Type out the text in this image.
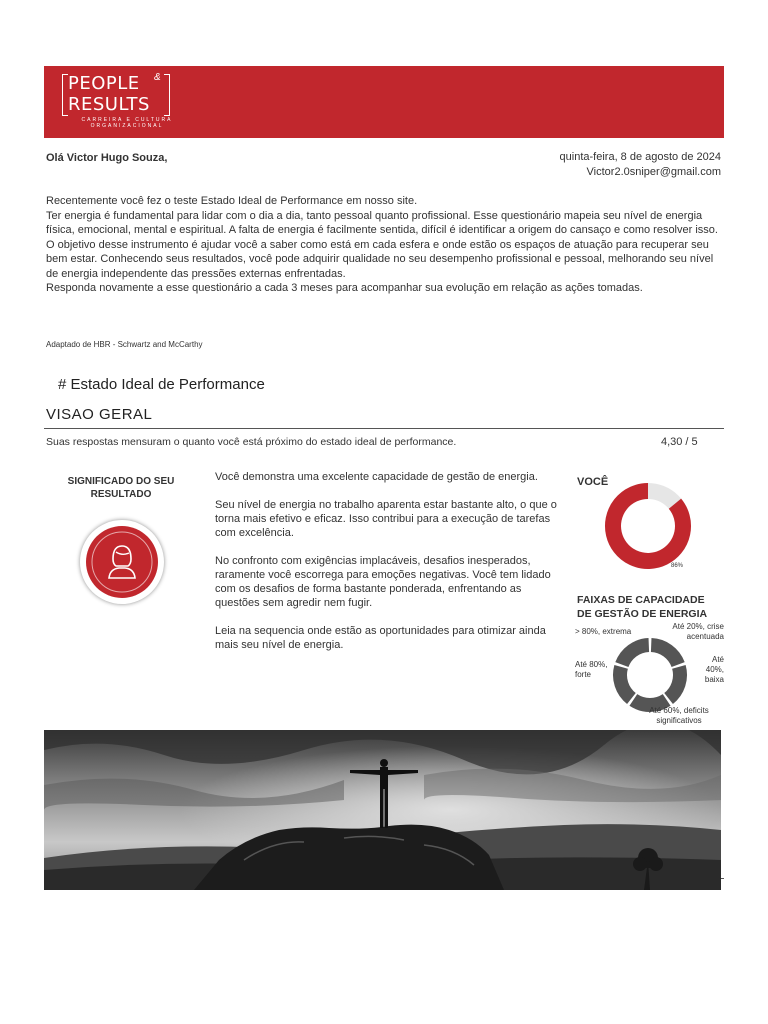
PEOPLE &
RESULTS
CARREIRA E CULTURA
ORGANIZACIONAL
Olá Victor Hugo Souza,	quinta-feira, 8 de agosto de 2024
Victor2.0sniper@gmail.com

Recentemente você fez o teste Estado Ideal de Performance em nosso site.

Ter energia é fundamental para lidar com o dia a dia, tanto pessoal quanto profissional. Esse questionário mapeia seu nível de energia física, emocional, mental e espiritual. A falta de energia é facilmente sentida, difícil é identificar a origem do cansaço e como resolver isso. O objetivo desse instrumento é ajudar você a saber como está em cada esfera e onde estão os espaços de atuação para recuperar seu bem estar. Conhecendo seus resultados, você pode adquirir qualidade no seu desempenho profissional e pessoal, melhorando seu nível de energia independente das pressões externas enfrentadas.

Responda novamente a esse questionário a cada 3 meses para acompanhar sua evolução em relação as ações tomadas.

Adaptado de HBR - Schwartz and McCarthy
# Estado Ideal de Performance
VISAO GERAL
Suas respostas mensuram o quanto você está próximo do estado ideal de performance.	4,30 / 5
SIGNIFICADO DO SEU RESULTADO

Você demonstra uma excelente capacidade de gestão de energia.

Seu nível de energia no trabalho aparenta estar bastante alto, o que o torna mais efetivo e eficaz. Isso contribui para a execução de tarefas com excelência.

No confronto com exigências implacáveis, desafios inesperados, raramente você escorrega para emoções negativas. Você tem lidado com os desafios de forma bastante ponderada, enfrentando as questões sem agredir nem fugir.

Leia na sequencia onde estão as oportunidades para otimizar ainda mais seu nível de energia.

VOCÊ
86%
FAIXAS DE CAPACIDADE DE GESTÃO DE ENERGIA
> 80%, extrema
Até 20%, crise acentuada
Até 40%, baixa
Até 80%, forte
Até 60%, deficits significativos
